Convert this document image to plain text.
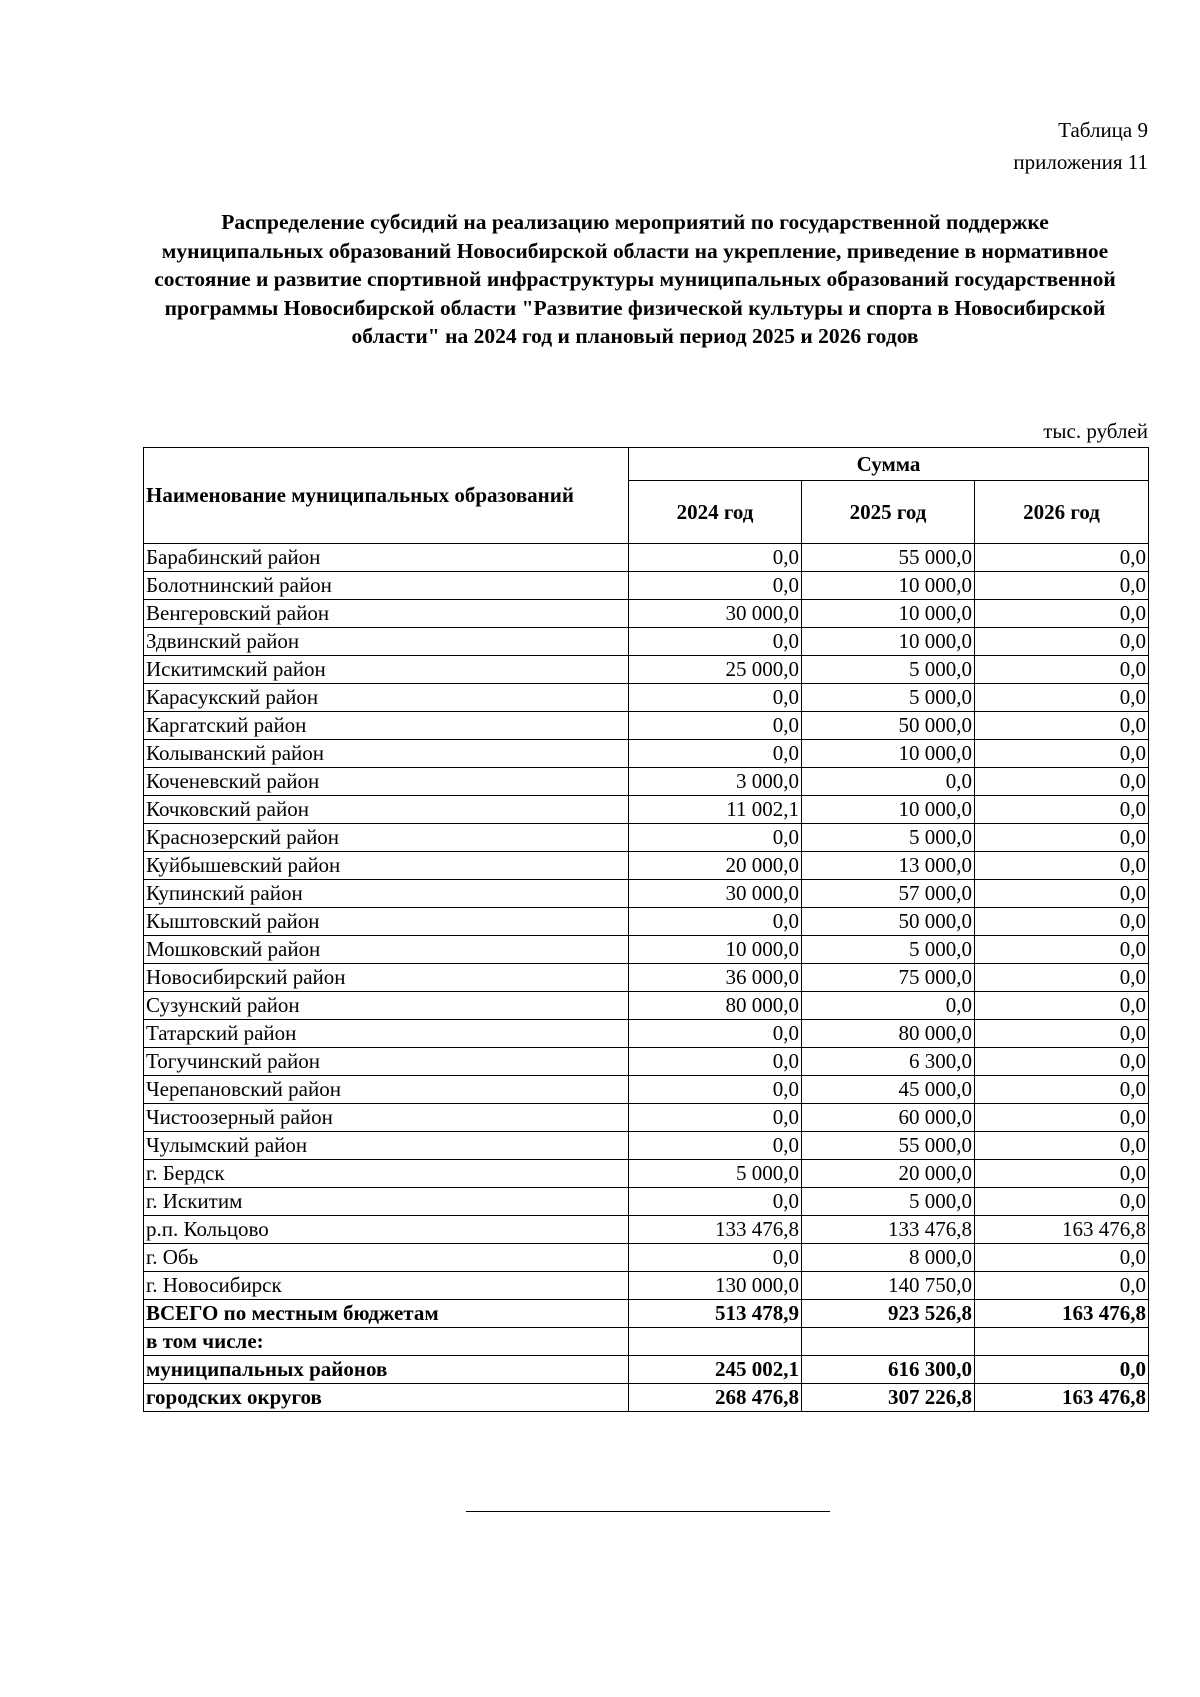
Таблица 9
приложения 11
Распределение субсидий на реализацию мероприятий по государственной поддержке муниципальных образований Новосибирской области на укрепление, приведение в нормативное состояние и развитие спортивной инфраструктуры муниципальных образований государственной программы Новосибирской области "Развитие физической культуры и спорта в Новосибирской области" на 2024 год и плановый период 2025 и 2026 годов
тыс. рублей
Наименование муниципальных образований	Сумма		
	2024 год	2025 год	2026 год
Барабинский район	0,0	55 000,0	0,0
Болотнинский район	0,0	10 000,0	0,0
Венгеровский район	30 000,0	10 000,0	0,0
Здвинский район	0,0	10 000,0	0,0
Искитимский район	25 000,0	5 000,0	0,0
Карасукский район	0,0	5 000,0	0,0
Каргатский район	0,0	50 000,0	0,0
Колыванский район	0,0	10 000,0	0,0
Коченевский район	3 000,0	0,0	0,0
Кочковский район	11 002,1	10 000,0	0,0
Краснозерский район	0,0	5 000,0	0,0
Куйбышевский район	20 000,0	13 000,0	0,0
Купинский район	30 000,0	57 000,0	0,0
Кыштовский район	0,0	50 000,0	0,0
Мошковский район	10 000,0	5 000,0	0,0
Новосибирский район	36 000,0	75 000,0	0,0
Сузунский район	80 000,0	0,0	0,0
Татарский район	0,0	80 000,0	0,0
Тогучинский район	0,0	6 300,0	0,0
Черепановский район	0,0	45 000,0	0,0
Чистоозерный район	0,0	60 000,0	0,0
Чулымский район	0,0	55 000,0	0,0
г. Бердск	5 000,0	20 000,0	0,0
г. Искитим	0,0	5 000,0	0,0
р.п. Кольцово	133 476,8	133 476,8	163 476,8
г. Обь	0,0	8 000,0	0,0
г. Новосибирск	130 000,0	140 750,0	0,0
ВСЕГО по местным бюджетам	513 478,9	923 526,8	163 476,8
в том числе:			
муниципальных районов	245 002,1	616 300,0	0,0
городских округов	268 476,8	307 226,8	163 476,8
